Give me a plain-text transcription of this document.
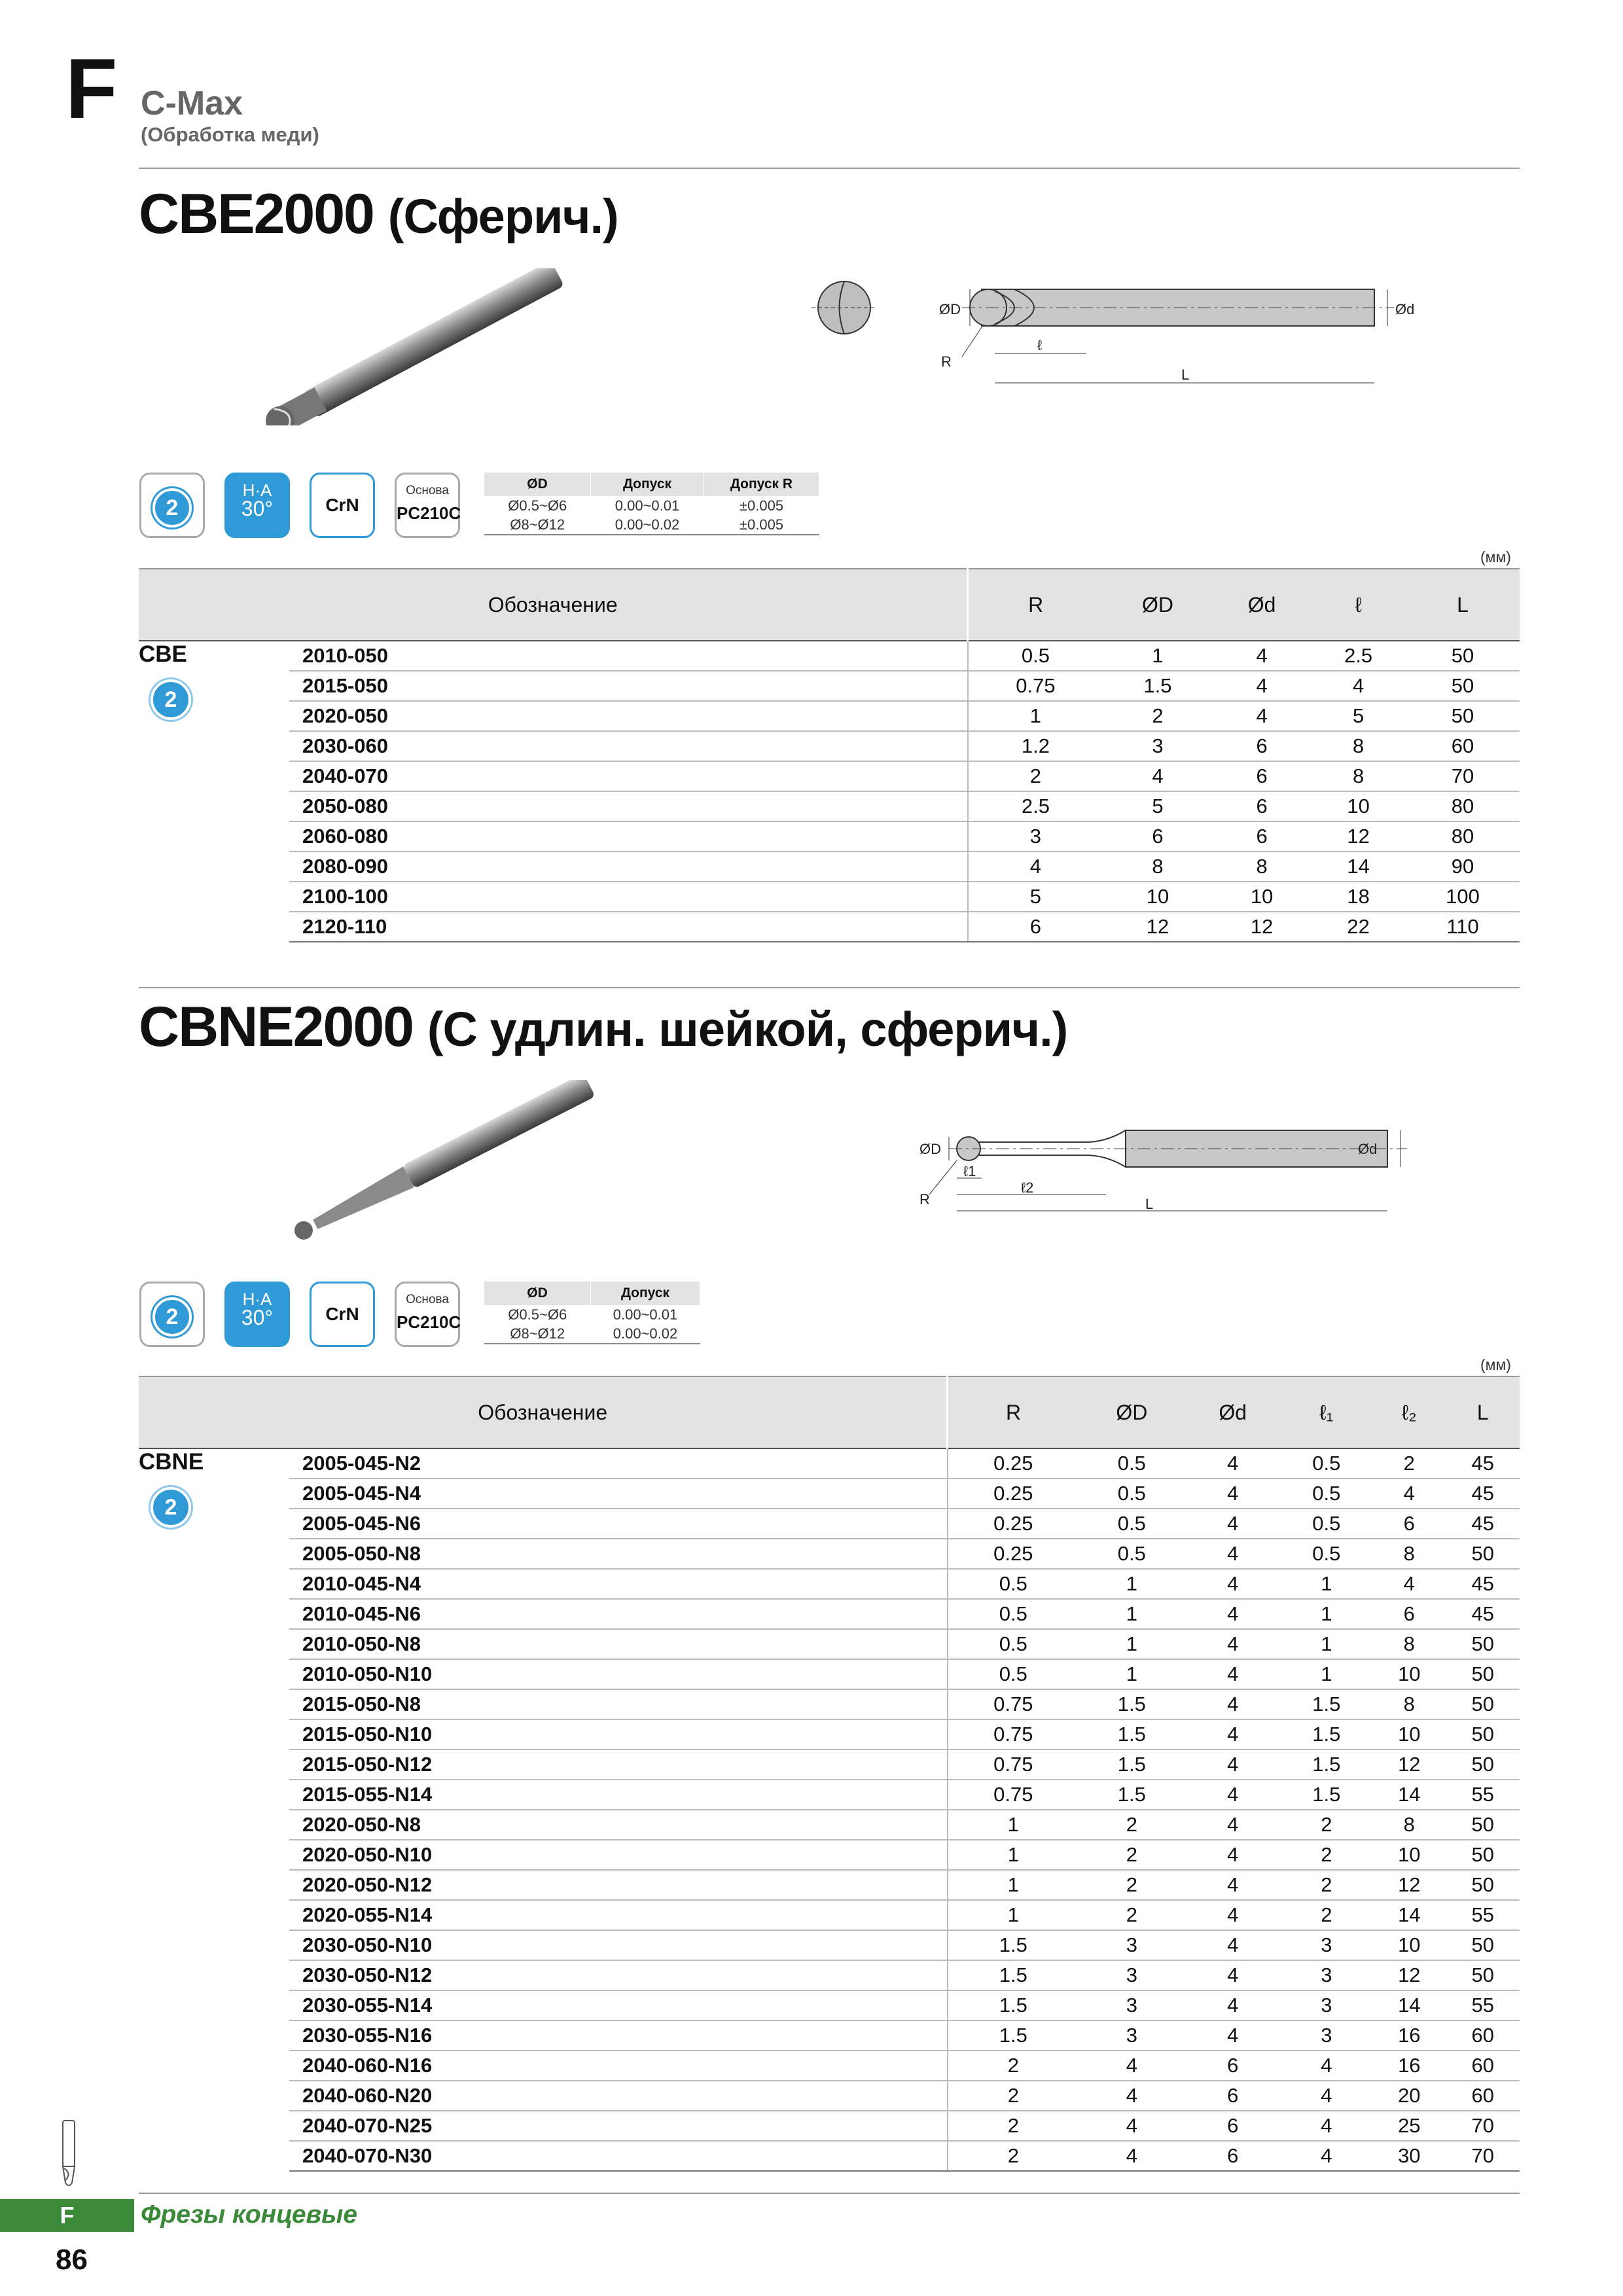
F C-Max
(Обработка меди)
CBE2000 (Сферич.)
ØD	Ød
R
ℓ
L
2
H·A
30°	CrN
Основа
PC210C
ØD	Допуск	Допуск R
Ø0.5~Ø6	0.00~0.01	±0.005
Ø8~Ø12	0.00~0.02	±0.005
(мм)
Обозначение		R	ØD	Ød	ℓ	L

CBE
2	2010-050	0.5	1	4	2.5	50
	2015-050	0.75	1.5	4	4	50
	2020-050	1	2	4	5	50
	2030-060	1.2	3	6	8	60
	2040-070	2	4	6	8	70
	2050-080	2.5	5	6	10	80
	2060-080	3	6	6	12	80
	2080-090	4	8	8	14	90
	2100-100	5	10	10	18	100
	2120-110	6	12	12	22	110
CBNE2000 (С удлин. шейкой, сферич.)
ØD	Ød
R
ℓ1
ℓ2
L
2
H·A
30°	CrN
Основа
PC210C
ØD	Допуск
Ø0.5~Ø6	0.00~0.01
Ø8~Ø12	0.00~0.02
(мм)
Обозначение		R	ØD	Ød	ℓ₁	ℓ₂	L

CBNE
2	2005-045-N2	0.25	0.5	4	0.5	2	45
	2005-045-N4	0.25	0.5	4	0.5	4	45
	2005-045-N6	0.25	0.5	4	0.5	6	45
	2005-050-N8	0.25	0.5	4	0.5	8	50
	2010-045-N4	0.5	1	4	1	4	45
	2010-045-N6	0.5	1	4	1	6	45
	2010-050-N8	0.5	1	4	1	8	50
	2010-050-N10	0.5	1	4	1	10	50
	2015-050-N8	0.75	1.5	4	1.5	8	50
	2015-050-N10	0.75	1.5	4	1.5	10	50
	2015-050-N12	0.75	1.5	4	1.5	12	50
	2015-055-N14	0.75	1.5	4	1.5	14	55
	2020-050-N8	1	2	4	2	8	50
	2020-050-N10	1	2	4	2	10	50
	2020-050-N12	1	2	4	2	12	50
	2020-055-N14	1	2	4	2	14	55
	2030-050-N10	1.5	3	4	3	10	50
	2030-050-N12	1.5	3	4	3	12	50
	2030-055-N14	1.5	3	4	3	14	55
	2030-055-N16	1.5	3	4	3	16	60
	2040-060-N16	2	4	6	4	16	60
	2040-060-N20	2	4	6	4	20	60
	2040-070-N25	2	4	6	4	25	70
	2040-070-N30	2	4	6	4	30	70
F	Фрезы концевые
86
